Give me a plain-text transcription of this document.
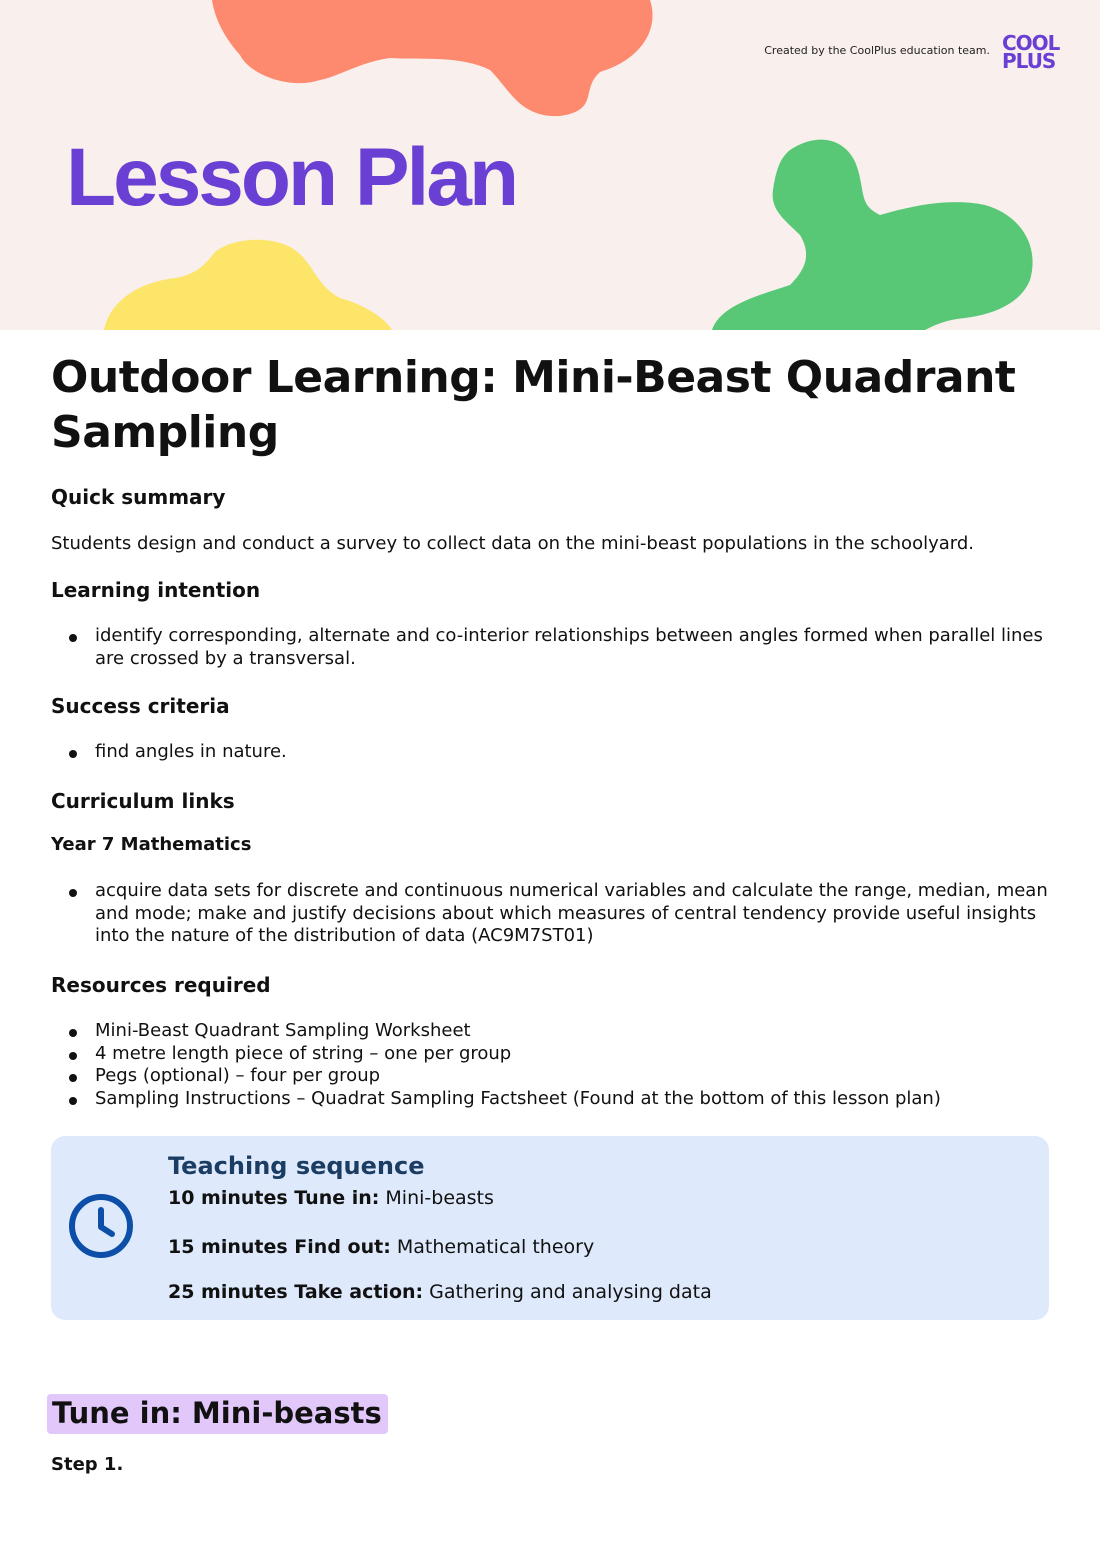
Created by the CoolPlus education team. COOL
PLUS
Lesson Plan
Outdoor Learning: Mini-Beast Quadrant Sampling
Quick summary

Students design and conduct a survey to collect data on the mini-beast populations in the schoolyard.

Learning intention
identify corresponding, alternate and co-interior relationships between angles formed when parallel lines are crossed by a transversal.
Success criteria
find angles in nature.
Curriculum links
Year 7 Mathematics
acquire data sets for discrete and continuous numerical variables and calculate the range, median, mean and mode; make and justify decisions about which measures of central tendency provide useful insights into the nature of the distribution of data (AC9M7ST01)
Resources required
Mini-Beast Quadrant Sampling Worksheet
4 metre length piece of string – one per group
Pegs (optional) – four per group
Sampling Instructions – Quadrat Sampling Factsheet (Found at the bottom of this lesson plan)
Teaching sequence

10 minutes Tune in: Mini-beasts

15 minutes Find out: Mathematical theory

25 minutes Take action: Gathering and analysing data

Tune in: Mini-beasts

Step 1.
